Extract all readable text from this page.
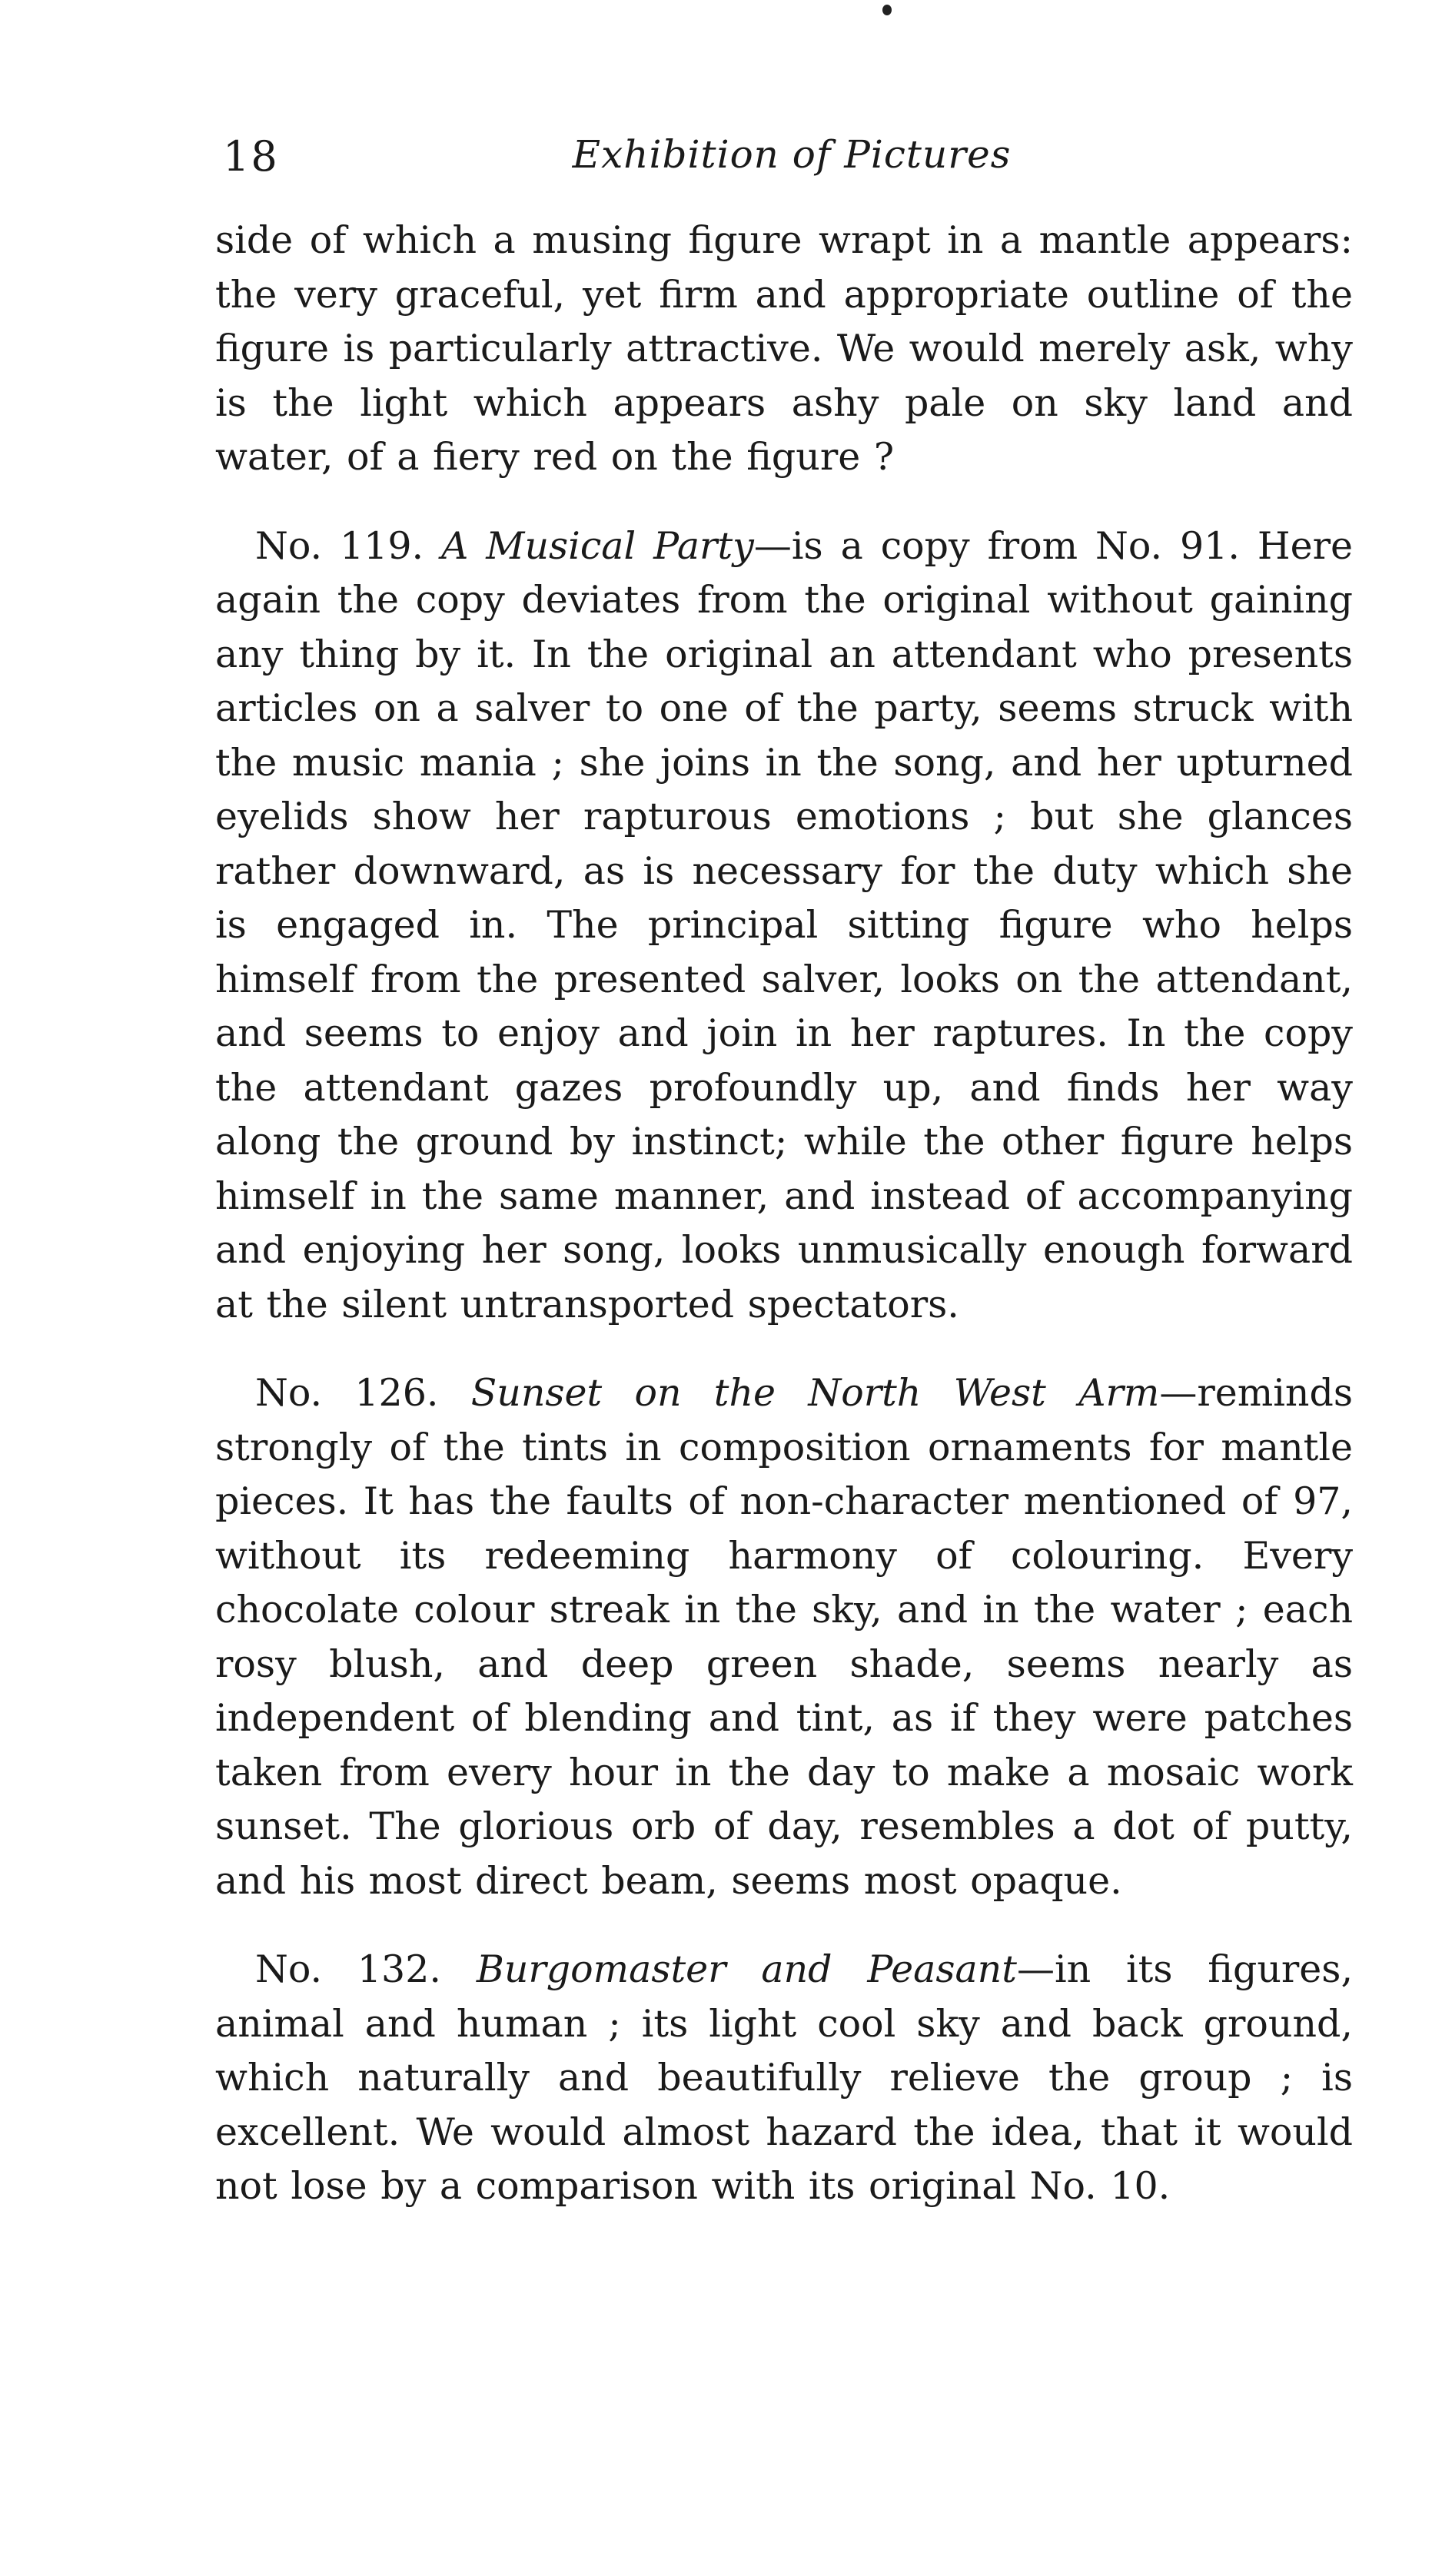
18	Exhibition of Pictures

side of which a musing figure wrapt in a mantle appears: the very graceful, yet firm and appropriate outline of the figure is particularly attractive. We would merely ask, why is the light which appears ashy pale on sky land and water, of a fiery red on the figure ?

No. 119. A Musical Party—is a copy from No. 91. Here again the copy deviates from the original without gaining any thing by it. In the original an attendant who presents articles on a salver to one of the party, seems struck with the music mania ; she joins in the song, and her upturned eyelids show her rapturous emotions ; but she glances rather downward, as is necessary for the duty which she is engaged in. The principal sitting figure who helps himself from the presented salver, looks on the attendant, and seems to enjoy and join in her raptures. In the copy the attendant gazes profoundly up, and finds her way along the ground by instinct; while the other figure helps himself in the same manner, and instead of accompanying and enjoying her song, looks unmusically enough forward at the silent untransported spectators.

No. 126. Sunset on the North West Arm—reminds strongly of the tints in composition ornaments for mantle pieces. It has the faults of non-character mentioned of 97, without its redeeming harmony of colouring. Every chocolate colour streak in the sky, and in the water ; each rosy blush, and deep green shade, seems nearly as independent of blending and tint, as if they were patches taken from every hour in the day to make a mosaic work sunset. The glorious orb of day, resembles a dot of putty, and his most direct beam, seems most opaque.

No. 132. Burgomaster and Peasant—in its figures, animal and human ; its light cool sky and back ground, which naturally and beautifully relieve the group ; is excellent. We would almost hazard the idea, that it would not lose by a comparison with its original No. 10.
